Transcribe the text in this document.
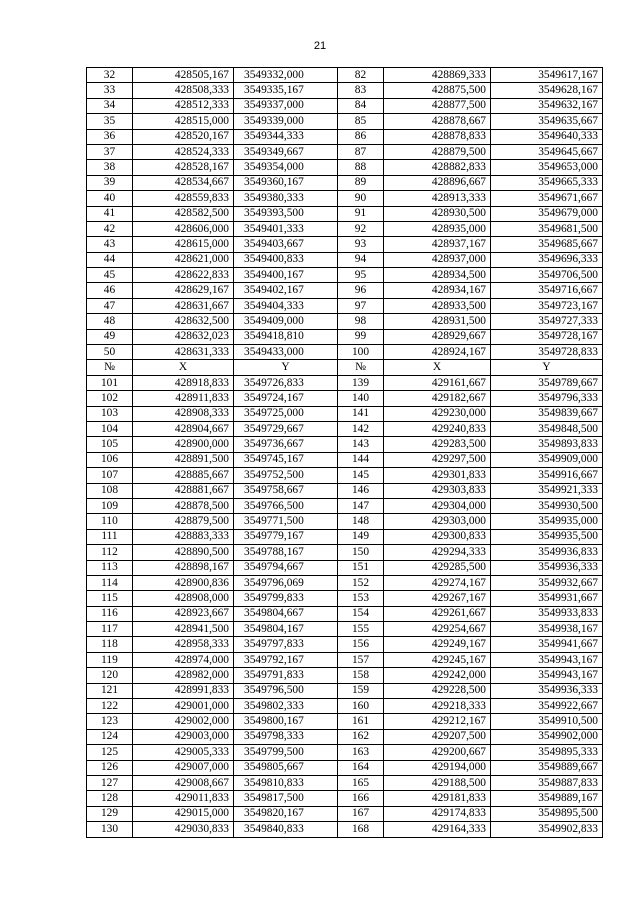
21
32	428505,167	3549332,000	82	428869,333	3549617,167
33	428508,333	3549335,167	83	428875,500	3549628,167
34	428512,333	3549337,000	84	428877,500	3549632,167
35	428515,000	3549339,000	85	428878,667	3549635,667
36	428520,167	3549344,333	86	428878,833	3549640,333
37	428524,333	3549349,667	87	428879,500	3549645,667
38	428528,167	3549354,000	88	428882,833	3549653,000
39	428534,667	3549360,167	89	428896,667	3549665,333
40	428559,833	3549380,333	90	428913,333	3549671,667
41	428582,500	3549393,500	91	428930,500	3549679,000
42	428606,000	3549401,333	92	428935,000	3549681,500
43	428615,000	3549403,667	93	428937,167	3549685,667
44	428621,000	3549400,833	94	428937,000	3549696,333
45	428622,833	3549400,167	95	428934,500	3549706,500
46	428629,167	3549402,167	96	428934,167	3549716,667
47	428631,667	3549404,333	97	428933,500	3549723,167
48	428632,500	3549409,000	98	428931,500	3549727,333
49	428632,023	3549418,810	99	428929,667	3549728,167
50	428631,333	3549433,000	100	428924,167	3549728,833
№	X	Y	№	X	Y
101	428918,833	3549726,833	139	429161,667	3549789,667
102	428911,833	3549724,167	140	429182,667	3549796,333
103	428908,333	3549725,000	141	429230,000	3549839,667
104	428904,667	3549729,667	142	429240,833	3549848,500
105	428900,000	3549736,667	143	429283,500	3549893,833
106	428891,500	3549745,167	144	429297,500	3549909,000
107	428885,667	3549752,500	145	429301,833	3549916,667
108	428881,667	3549758,667	146	429303,833	3549921,333
109	428878,500	3549766,500	147	429304,000	3549930,500
110	428879,500	3549771,500	148	429303,000	3549935,000
111	428883,333	3549779,167	149	429300,833	3549935,500
112	428890,500	3549788,167	150	429294,333	3549936,833
113	428898,167	3549794,667	151	429285,500	3549936,333
114	428900,836	3549796,069	152	429274,167	3549932,667
115	428908,000	3549799,833	153	429267,167	3549931,667
116	428923,667	3549804,667	154	429261,667	3549933,833
117	428941,500	3549804,167	155	429254,667	3549938,167
118	428958,333	3549797,833	156	429249,167	3549941,667
119	428974,000	3549792,167	157	429245,167	3549943,167
120	428982,000	3549791,833	158	429242,000	3549943,167
121	428991,833	3549796,500	159	429228,500	3549936,333
122	429001,000	3549802,333	160	429218,333	3549922,667
123	429002,000	3549800,167	161	429212,167	3549910,500
124	429003,000	3549798,333	162	429207,500	3549902,000
125	429005,333	3549799,500	163	429200,667	3549895,333
126	429007,000	3549805,667	164	429194,000	3549889,667
127	429008,667	3549810,833	165	429188,500	3549887,833
128	429011,833	3549817,500	166	429181,833	3549889,167
129	429015,000	3549820,167	167	429174,833	3549895,500
130	429030,833	3549840,833	168	429164,333	3549902,833
